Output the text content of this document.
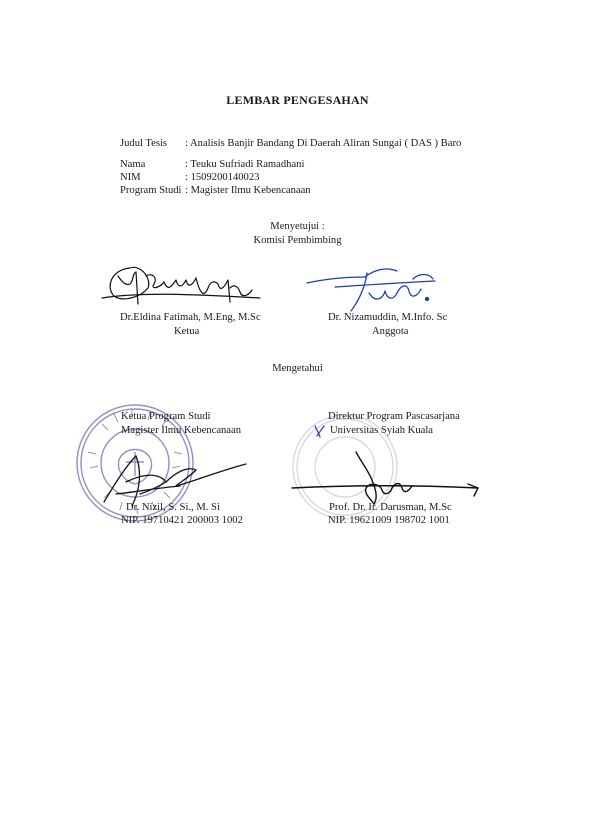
LEMBAR PENGESAHAN
Judul Tesis : Analisis Banjir Bandang Di Daerah Aliran Sungai ( DAS ) Baro
Nama	: Teuku Sufriadi Ramadhani
NIM	: 1509200140023
Program Studi : Magister Ilmu Kebencanaan
Menyetujui :
Komisi Pembimbing
Dr.Eldina Fatimah, M.Eng, M.Sc
Ketua
Dr. Nizamuddin, M.Info. Sc
Anggota
Mengetahui
Ketua Program Studi
Magister Ilmu Kebencanaan
Dr. Nizil, S. Si., M. Si
NIP. 19710421 200003 1002
Direktur Program Pascasarjana
Universitas Syiah Kuala
Prof. Dr. Ir. Darusman, M.Sc
NIP. 19621009 198702 1001
